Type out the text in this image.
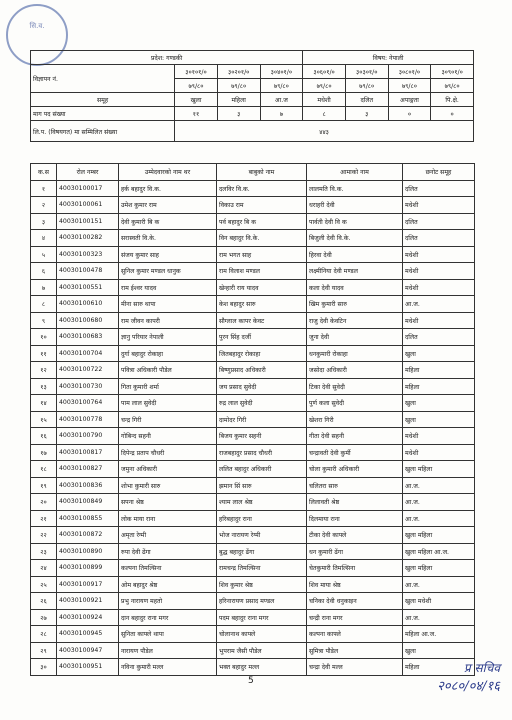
सि.व.
प्रदेश: गण्डकी				विषय: नेपाली			
विज्ञापन नं.	३०१०१/०	३०२०१/०	३०४०१/०	३०६०१/०	३०३०१/०	३०८०१/०	३०९०१/०
	७९/८०	७९/८०	७९/८०	७९/८०	७९/८०	७९/८०	७९/८०
समूह	खुला	महिला	आ.ज	मधेशी	दलित	अपाङ्गता	पि.क्षे.
माग पद संख्या	११	३	७	८	३	०	०
लि.प. (विषयगत) मा सम्मिलित संख्या	४४३						
क.स	रोल नम्बर	उम्मेदवारको नाम थर	बाबुको नाम	आमाको नाम	छनोट समूह
१	40030100017	हर्क बहादुर वि.क.	दलविर वि.क.	लालमति वि.क.	दलित
२	40030100061	उमेश कुमार राम	विकाउ राम	धराहरी देवी	मधेशी
३	40030100151	देवी कुमारी बि क	पर्व बहादुर बि क	पार्वती देवी वि क	दलित
४	40030100282	सरास्वती वि.के.	विन बहादुर वि.के.	बिजुली देवी वि.के.	दलित
५	40030100323	संजय कुमार साह	राम भगत साह	हिरवा देवी	मधेशी
६	40030100478	सुनिल कुमार मण्डल धानुक	राम विलाश मण्डल	लक्ष्मीनिया देवी मण्डल	मधेशी
७	40030100551	राम ईश्वर यादव	खेन्हारी राय यादव	कला देवी यादव	मधेशी
८	40030100610	मीना सारु थापा	केश बहादुर सारु	खिम कुमारी सारु	आ.ज.
९	40030100680	राम जीवन कापरी	सौग्लाल कापर केवट	राजु देवी केवटिन	मधेशी
१०	40030100683	ज्ञानु परियार नेपाली	पुरन सिंह दर्जी	जुना देवी	दलित
११	40030100704	दुर्गा बहादुर रोकाहा	जितबहादुर रोकाहा	धनकुमारी रोकाहा	खुला
१२	40030100722	पवित्रा अधिकारी पौडेल	बिष्णुप्रसाद अधिकारी	जसोदा अधिकारी	महिला
१३	40030100730	गिता कुमारी शर्मा	जय प्रसाद सुवेदी	टिका देवी सुवेदी	महिला
१४	40030100764	पाम लाल सुवेदी	रुद्र लाल सुवेदी	पुर्ण कला सुवेदी	खुला
१५	40030100778	चन्द्र गिरी	दामोदर गिरी	खेशरा गिरी	खुला
१६	40030100790	गोबिन्द सहनी	बिजय कुमार सहनी	गीता देवी सहनी	मधेशी
१७	40030100817	दिपेन्द्र प्रताप चौधरी	राजबहादुर प्रसाद चौधरी	चन्द्रावती देवी कुर्मी	मधेशी
१८	40030100827	जमुना अधिकारी	ललित बहादुर अधिकारी	चोला कुमारी अधिकारी	खुला महिला
१९	40030100836	शोभा कुमारी सारु	झमान सिं सारु	चलितरा सारु	आ.ज.
२०	40030100849	सपना श्रेष्ठ	श्याम लाल श्रेष्ठ	लिलावती श्रेष्ठ	आ.ज.
२१	40030100855	लोक माया राना	हरिबहादुर राना	दिलमाया राना	आ.ज.
२२	40030100872	अमृता रेग्मी	भोज नारायण रेग्मी	टीका देवी काफ्ले	खुला महिला
२३	40030100890	रुपा देवी ढेंगा	बुद्ध बहादुर ढेंगा	धन कुमारी ढेंगा	खुला महिला आ.ज.
२४	40030100899	कल्पना तिमल्सिना	रामचन्द्र तिमल्सिना	चेतकुमारी तिमल्सिना	खुला महिला
२५	40030100917	ओम बहादुर श्रेष्ठ	शिव कुमार श्रेष्ठ	शिव माया श्रेष्ठ	आ.ज.
२६	40030100921	प्रभु नारायण महतो	हरिनारायण प्रसाद मण्डल	चनिका देवी धनुकाइन	खुला मधेशी
२७	40030100924	दान बहादुर राना मगर	पदम बहादुर राना मगर	चन्द्री राना मगर	आ.ज.
२८	40030100945	सुनिता काफ्ले थापा	चोलानाथ काफ्ले	कल्पना काफ्ले	महिला आ.ज.
२९	40030100947	नारायण पौडेल	भुपराम जैसी पौडेल	सुमित्रा पौडेल	खुला
३०	40030100951	नविना कुमारी मल्ल	भक्त बहादुर मल्ल	चन्द्रा देवी मल्ल	महिला
5
प्र सचिव
२०८०/०४/१६
